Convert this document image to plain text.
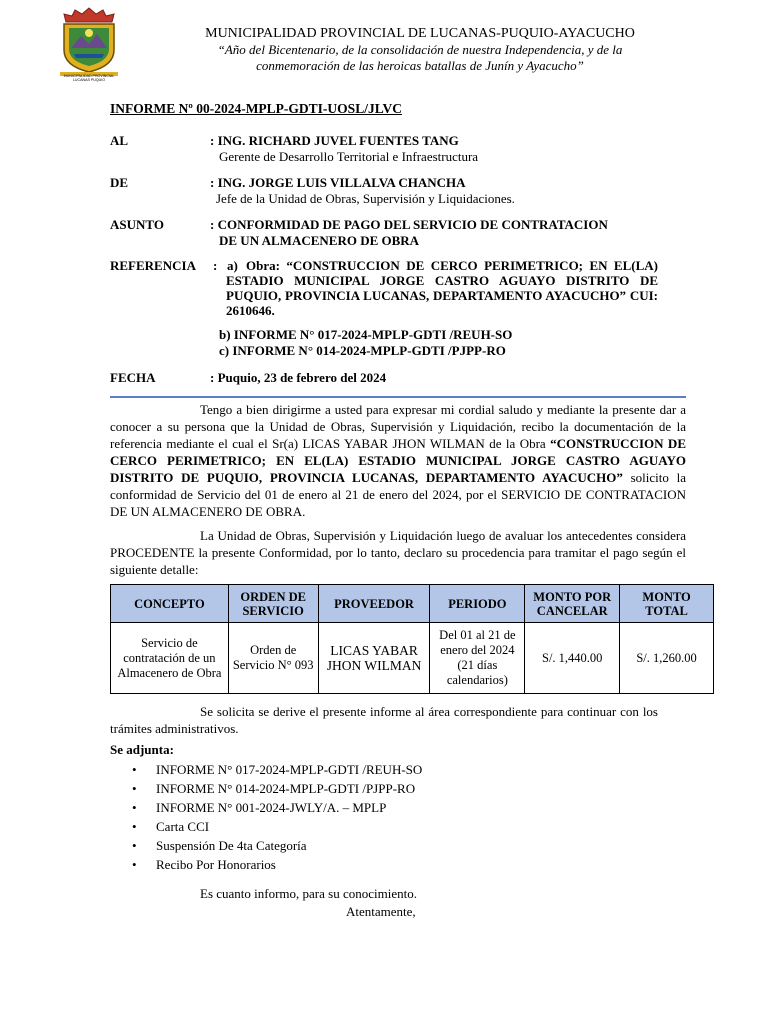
MUNICIPALIDAD PROVINCIAL LUCANAS PUQUIO
MUNICIPALIDAD PROVINCIAL DE LUCANAS-PUQUIO-AYACUCHO
“Año del Bicentenario, de la consolidación de nuestra Independencia, y de la
conmemoración de las heroicas batallas de Junín y Ayacucho”
INFORME Nº 00-2024-MPLP-GDTI-UOSL/JLVC
AL	: ING. RICHARD JUVEL FUENTES TANG
Gerente de Desarrollo Territorial e Infraestructura
DE	: ING. JORGE LUIS VILLALVA CHANCHA
Jefe de la Unidad de Obras, Supervisión y Liquidaciones.
ASUNTO	: CONFORMIDAD DE PAGO DEL SERVICIO DE CONTRATACION
DE UN ALMACENERO DE OBRA
REFERENCIA : a) Obra: “CONSTRUCCION DE CERCO PERIMETRICO; EN EL(LA) ESTADIO MUNICIPAL JORGE CASTRO AGUAYO DISTRITO DE PUQUIO, PROVINCIA LUCANAS, DEPARTAMENTO AYACUCHO” CUI: 2610646.
b) INFORME N° 017-2024-MPLP-GDTI /REUH-SO
c) INFORME N° 014-2024-MPLP-GDTI /PJPP-RO
FECHA	: Puquio, 23 de febrero del 2024
Tengo a bien dirigirme a usted para expresar mi cordial saludo y mediante la presente dar a conocer a su persona que la Unidad de Obras, Supervisión y Liquidación, recibo la documentación de la referencia mediante el cual el Sr(a) LICAS YABAR JHON WILMAN de la Obra “CONSTRUCCION DE CERCO PERIMETRICO; EN EL(LA) ESTADIO MUNICIPAL JORGE CASTRO AGUAYO DISTRITO DE PUQUIO, PROVINCIA LUCANAS, DEPARTAMENTO AYACUCHO” solicito la conformidad de Servicio del 01 de enero al 21 de enero del 2024, por el SERVICIO DE CONTRATACION DE UN ALMACENERO DE OBRA.
La Unidad de Obras, Supervisión y Liquidación luego de avaluar los antecedentes considera PROCEDENTE la presente Conformidad, por lo tanto, declaro su procedencia para tramitar el pago según el siguiente detalle:
CONCEPTO	ORDEN DE SERVICIO	PROVEEDOR	PERIODO	MONTO POR CANCELAR	MONTO TOTAL
Servicio de contratación de un Almacenero de Obra	Orden de Servicio N° 093	LICAS YABAR JHON WILMAN	Del 01 al 21 de enero del 2024 (21 días calendarios)	S/. 1,440.00	S/. 1,260.00
Se solicita se derive el presente informe al área correspondiente para continuar con los trámites administrativos.
Se adjunta:
• INFORME N° 017-2024-MPLP-GDTI /REUH-SO
• INFORME N° 014-2024-MPLP-GDTI /PJPP-RO
• INFORME N° 001-2024-JWLY/A. – MPLP
• Carta CCI
• Suspensión De 4ta Categoría
• Recibo Por Honorarios
Es cuanto informo, para su conocimiento.
Atentamente,
